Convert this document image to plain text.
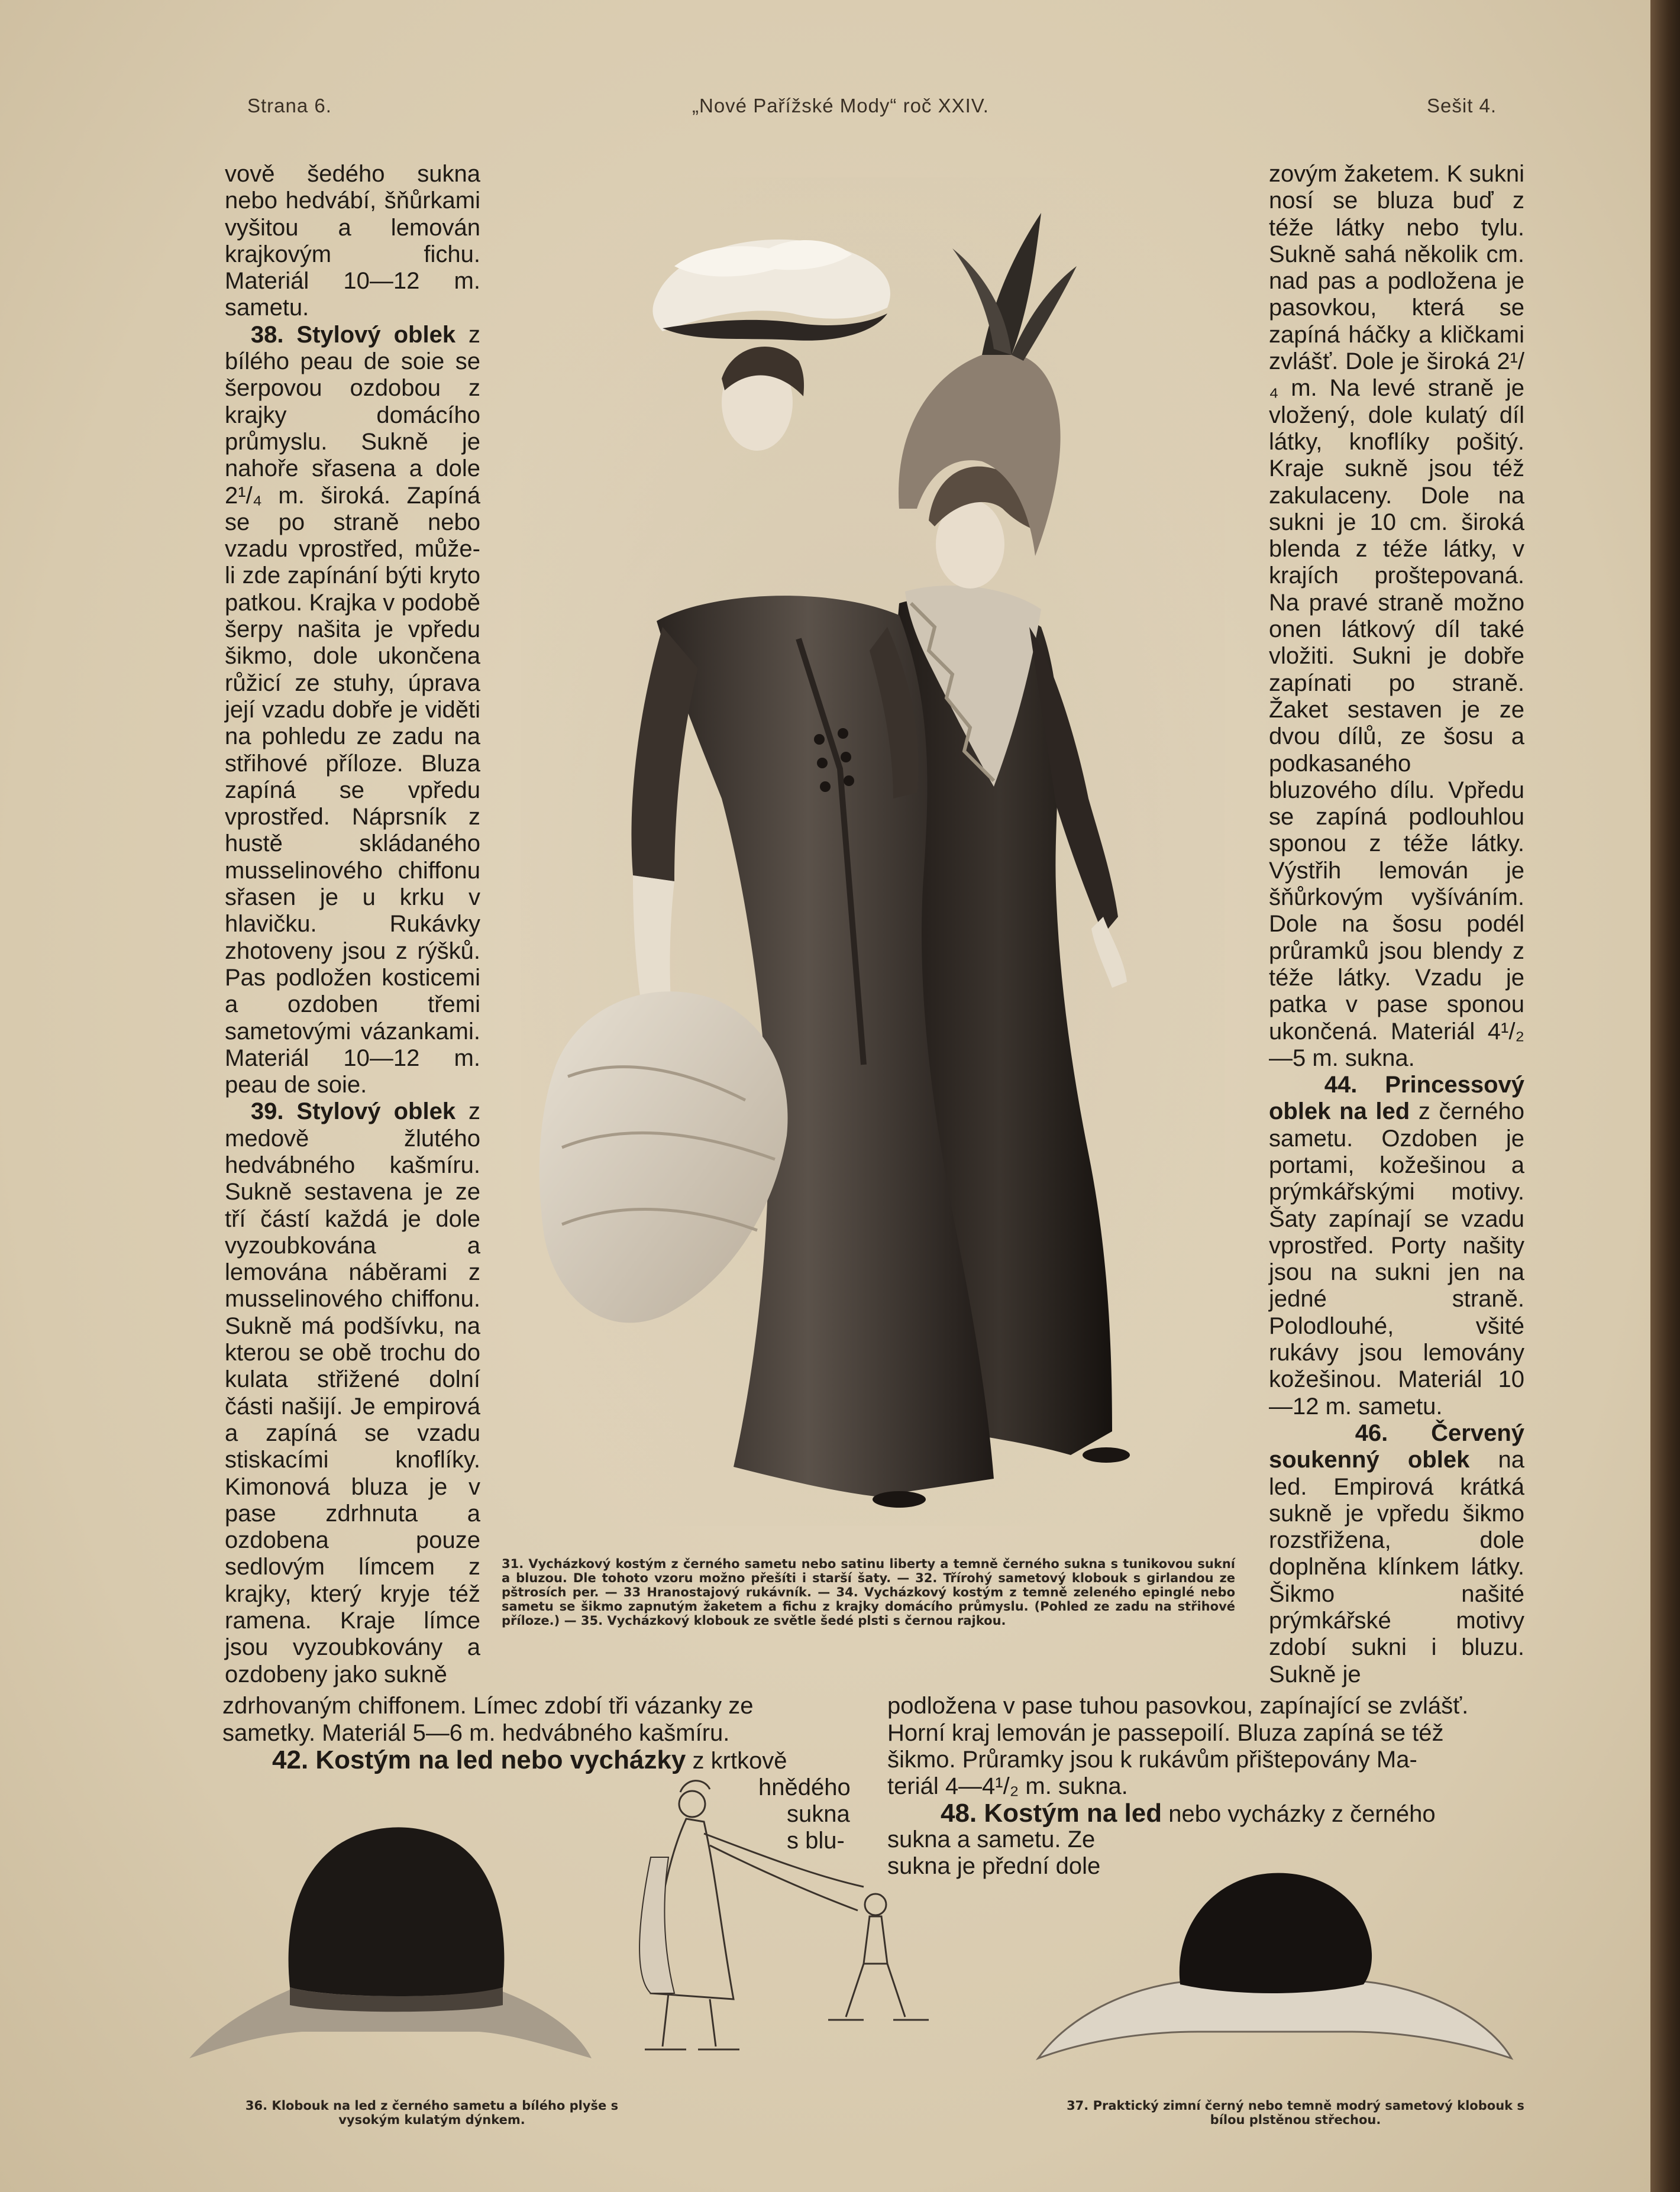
Strana 6.	„Nové Pařížské Mody“ roč XXIV.	Sešit 4.

vově šedého sukna nebo hedvábí, šňůrkami vyšitou a lemován krajkovým fichu. Materiál 10—12 m. sametu.

38. Stylový oblek z bílého peau de soie se šerpovou ozdobou z krajky domácího průmyslu. Sukně je nahoře sřasena a dole 2¹/₄ m. široká. Zapíná se po straně nebo vzadu vprostřed, může-li zde zapínání býti kryto patkou. Krajka v podobě šerpy našita je vpředu šikmo, dole ukončena růžicí ze stuhy, úprava její vzadu dobře je viděti na pohledu ze zadu na střihové příloze. Bluza zapíná se vpředu vprostřed. Náprsník z hustě skládaného musselinového chiffonu sřasen je u krku v hlavičku. Rukávky zhotoveny jsou z rýšků. Pas podložen kosticemi a ozdoben třemi sametovými vázankami. Materiál 10—12 m. peau de soie.

39. Stylový oblek z medově žlutého hedvábného kašmíru. Sukně sestavena je ze tří částí každá je dole vyzoubkována a lemována náběrami z musselinového chiffonu. Sukně má podšívku, na kterou se obě trochu do kulata střižené dolní části našijí. Je empirová a zapíná se vzadu stiskacími knoflíky. Kimonová bluza je v pase zdrhnuta a ozdobena pouze sedlovým límcem z krajky, který kryje též ramena. Kraje límce jsou vyzoubkovány a ozdobeny jako sukně

zovým žaketem. K sukni nosí se bluza buď z téže látky nebo tylu. Sukně sahá několik cm. nad pas a podložena je pasovkou, která se zapíná háčky a kličkami zvlášť. Dole je široká 2¹/₄ m. Na levé straně je vložený, dole kulatý díl látky, knoflíky pošitý. Kraje sukně jsou též zakulaceny. Dole na sukni je 10 cm. široká blenda z téže látky, v krajích proštepovaná. Na pravé straně možno onen látkový díl také vložiti. Sukni je dobře zapínati po straně. Žaket sestaven je ze dvou dílů, ze šosu a podkasaného bluzového dílu. Vpředu se zapíná podlouhlou sponou z téže látky. Výstřih lemován je šňůrkovým vyšíváním. Dole na šosu podél průramků jsou blendy z téže látky. Vzadu je patka v pase sponou ukončená. Materiál 4¹/₂—5 m. sukna.

44. Princessový oblek na led z černého sametu. Ozdoben je portami, kožešinou a prýmkářskými motivy. Šaty zapínají se vzadu vprostřed. Porty našity jsou na sukni jen na jedné straně. Polodlouhé, všité rukávy jsou lemovány kožešinou. Materiál 10—12 m. sametu.

46. Červený soukenný oblek na led. Empirová krátká sukně je vpředu šikmo rozstřižena, dole doplněna klínkem látky. Šikmo našité prýmkářské motivy zdobí sukni i bluzu. Sukně je

31. Vycházkový kostým z černého sametu nebo satinu liberty a temně černého sukna s tunikovou sukní a bluzou. Dle tohoto vzoru možno přešíti i starší šaty. — 32. Třírohý sametový klobouk s girlandou ze pštrosích per. — 33 Hranostajový rukávník. — 34. Vycházkový kostým z temně zeleného epinglé nebo sametu se šikmo zapnutým žaketem a fichu z krajky domácího průmyslu. (Pohled ze zadu na střihové příloze.) — 35. Vycházkový klobouk ze světle šedé plsti s černou rajkou.
zdrhovaným chiffonem. Límec zdobí tři vázanky ze
sametky. Materiál 5—6 m. hedvábného kašmíru.
42. Kostým na led nebo vycházky z krtkově
hnědého
sukna
s blu-
podložena v pase tuhou pasovkou, zapínající se zvlášť.
Horní kraj lemován je passepoilí. Bluza zapíná se též
šikmo. Průramky jsou k rukávům přištepovány Ma-
teriál 4—4¹/₂ m. sukna.
48. Kostým na led nebo vycházky z černého
sukna a sametu. Ze
sukna je přední dole
36. Klobouk na led z černého sametu a bílého plyše s vysokým kulatým dýnkem.
37. Praktický zimní černý nebo temně modrý sametový klobouk s bílou plstěnou střechou.
